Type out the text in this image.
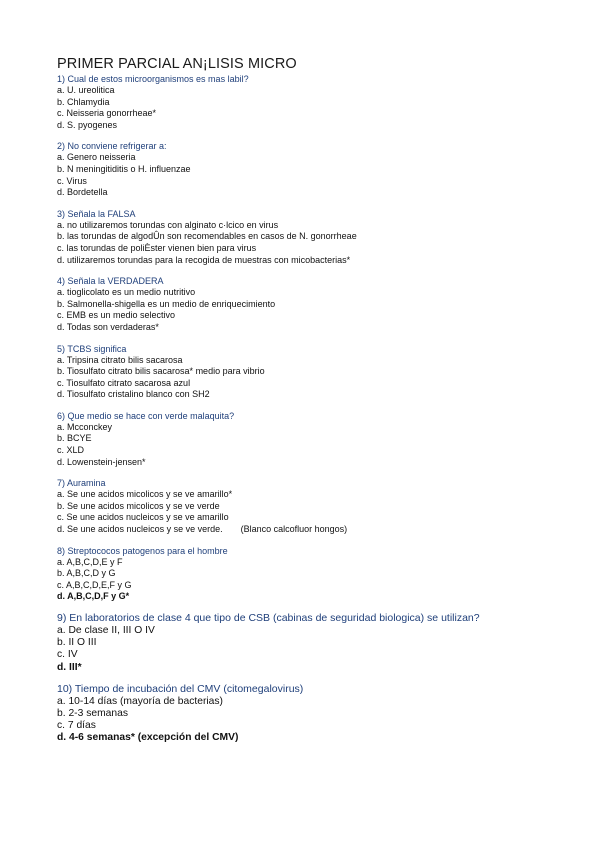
PRIMER PARCIAL AN¡LISIS MICRO
1) Cual de estos microorganismos es mas labil?
a. U. ureolitica
b. Chlamydia
c. Neisseria gonorrheae*
d. S. pyogenes
2) No conviene refrigerar a:
a. Genero neisseria
b. N meningitiditis o H. influenzae
c. Virus
d. Bordetella
3) Señala la FALSA
a. no utilizaremos torundas con alginato c·lcico en virus
b. las torundas de algodÛn son recomendables en casos de N. gonorrheae
c. las torundas de poliÈster vienen bien para virus
d. utilizaremos torundas para la recogida de muestras con micobacterias*
4) Señala la VERDADERA
a. tioglicolato es un medio nutritivo
b. Salmonella-shigella es un medio de enriquecimiento
c. EMB es un medio selectivo
d. Todas son verdaderas*
5) TCBS significa
a. Tripsina citrato bilis sacarosa
b. Tiosulfato citrato bilis sacarosa* medio para vibrio
c. Tiosulfato citrato sacarosa azul
d. Tiosulfato cristalino blanco con SH2
6) Que medio se hace con verde malaquita?
a. Mcconckey
b. BCYE
c. XLD
d. Lowenstein-jensen*
7) Auramina
a. Se une acidos micolicos y se ve amarillo*
b. Se une acidos micolicos y se ve verde
c. Se une acidos nucleicos y se ve amarillo
d. Se une acidos nucleicos y se ve verde. (Blanco calcofluor hongos)
8) Streptococos patogenos para el hombre
a. A,B,C,D,E y F
b. A,B,C,D y G
c. A,B,C,D,E,F y G
d. A,B,C,D,F y G*
9) En laboratorios de clase 4 que tipo de CSB (cabinas de seguridad biologica) se utilizan?
a. De clase II, III O IV
b. II O III
c. IV
d. III*
10) Tiempo de incubación del CMV (citomegalovirus)
a. 10-14 días (mayoría de bacterias)
b. 2-3 semanas
c. 7 días
d. 4-6 semanas* (excepción del CMV)
